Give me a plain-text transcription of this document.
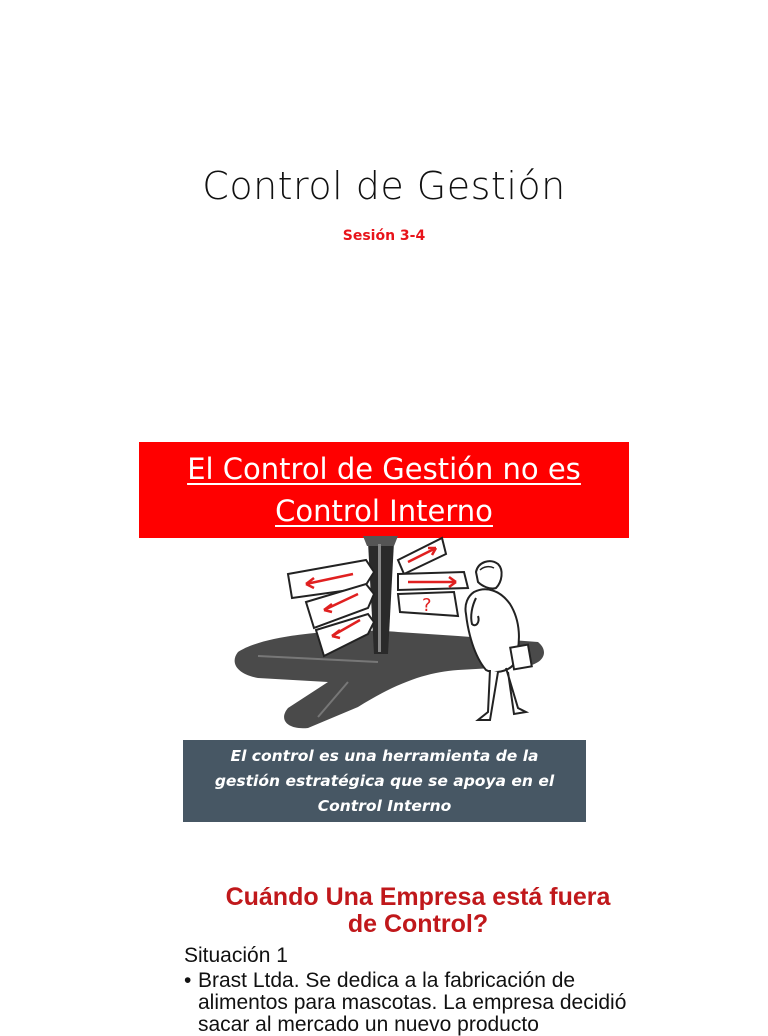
Control de Gestión
Sesión 3-4
El Control de Gestión no es
Control Interno
?
El control es una herramienta de la
gestión estratégica que se apoya en el
Control Interno
Cuándo Una Empresa está fuera
de Control?
Situación 1
• Brast Ltda. Se dedica a la fabricación de alimentos para mascotas. La empresa decidió sacar al mercado un nuevo producto
